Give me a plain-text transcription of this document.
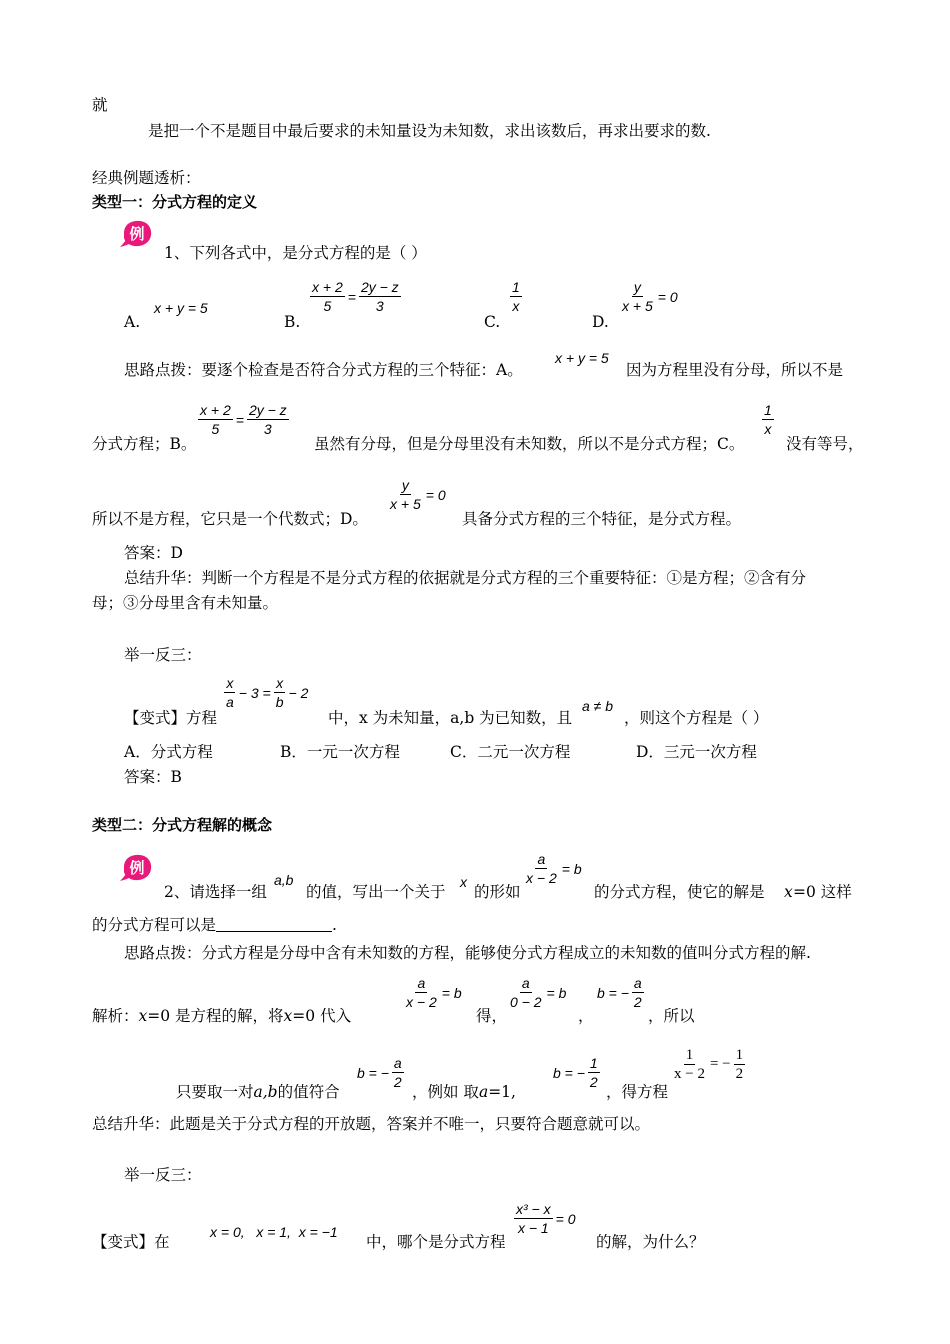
就
是把一个不是题目中最后要求的未知量设为未知数，求出该数后，再求出要求的数.
经典例题透析：
类型一：分式方程的定义
例
1、下列各式中，是分式方程的是（ ）
A.
x + y = 5
B.
$\frac{x + 2}{5} = \frac{2y - z}{3}$
C.
$\frac{1}{x}$
D.
$\frac{y}{x + 5} = 0$
思路点拨：要逐个检查是否符合分式方程的三个特征：A。
x + y = 5
因为方程里没有分母，所以不是
$\frac{x + 2}{5} = \frac{2y - z}{3}$
分式方程；B。	虽然有分母，但是分母里没有未知数，所以不是分式方程；C。
$\frac{1}{x}$
没有等号，
$\frac{y}{x + 5} = 0$
所以不是方程，它只是一个代数式；D。	具备分式方程的三个特征，是分式方程。
答案：D
总结升华：判断一个方程是不是分式方程的依据就是分式方程的三个重要特征：①是方程；②含有分
母；③分母里含有未知量。
举一反三：
【变式】方程
$\frac{x}{a} - 3 = \frac{x}{b} - 2$
中，x 为未知量，a,b 为已知数，且
a ≠ b
，则这个方程是（ ）
A．分式方程	B．一元一次方程	C．二元一次方程	D．三元一次方程
答案：B
类型二：分式方程解的概念
例
2、请选择一组
a,b
的值，写出一个关于
x
的形如
$\frac{a}{x - 2} = b$
的分式方程，使它的解是 x =0 这样
的分式方程可以是	.
思路点拨：分式方程是分母中含有未知数的方程，能够使分式方程成立的未知数的值叫分式方程的解.
解析：x=0 是方程的解，将x=0 代入
$\frac{a}{x - 2} = b$
得，
$\frac{a}{0 - 2} = b$
，
b = − $\frac{a}{2}$
，所以
只要取一对a,b的值符合
b = − $\frac{a}{2}$
，例如 取a=1,
b = − $\frac{1}{2}$
，得方程
$\frac{1}{x - 2}$ = − $\frac{1}{2}$
总结升华：此题是关于分式方程的开放题，答案并不唯一，只要符合题意就可以。
举一反三：
【变式】在
x = 0,   x = 1,  x = −1
中，哪个是分式方程
$\frac{\text{x³ − x}}{x - 1} = 0$
的解，为什么？
